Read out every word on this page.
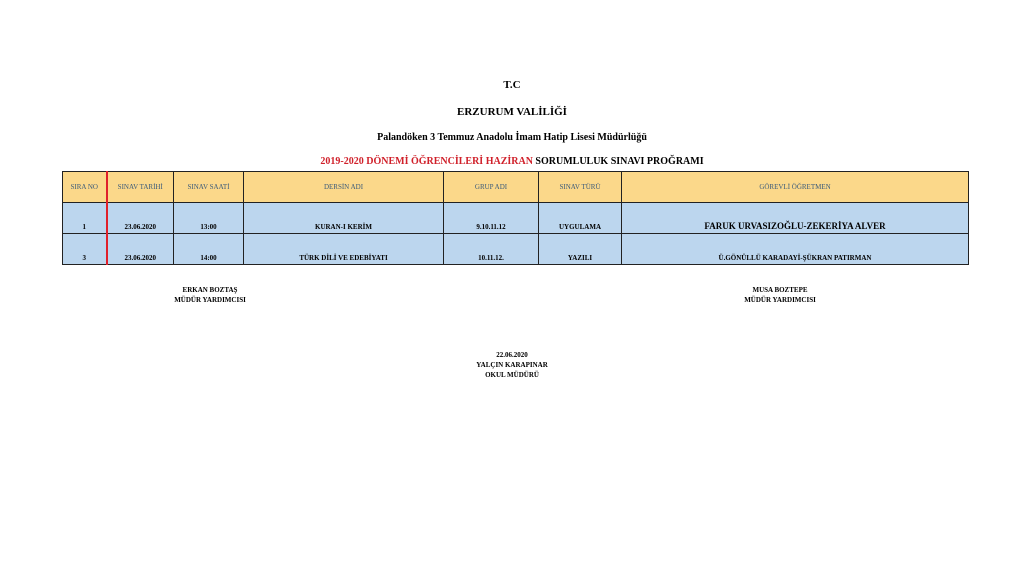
T.C
ERZURUM VALİLİĞİ
Palandöken 3 Temmuz Anadolu İmam Hatip Lisesi Müdürlüğü
2019-2020 DÖNEMİ ÖĞRENCİLERİ HAZİRAN SORUMLULUK SINAVI PROĞRAMI
SIRA NO	SINAV TARİHİ	SINAV SAATİ	DERSİN ADI	GRUP ADI	SINAV TÜRÜ	GÖREVLİ ÖĞRETMEN
1	23.06.2020	13:00	KURAN-I KERİM	9.10.11.12	UYGULAMA	FARUK URVASIZOĞLU-ZEKERİYA ALVER
3	23.06.2020	14:00	TÜRK DİLİ VE EDEBİYATI	10.11.12.	YAZILI	Ü.GÖNÜLLÜ KARADAYİ-ŞÜKRAN PATIRMAN
ERKAN BOZTAŞ
MÜDÜR YARDIMCISI
MUSA BOZTEPE
MÜDÜR YARDIMCISI
22.06.2020
YALÇIN KARAPINAR
OKUL MÜDÜRÜ
